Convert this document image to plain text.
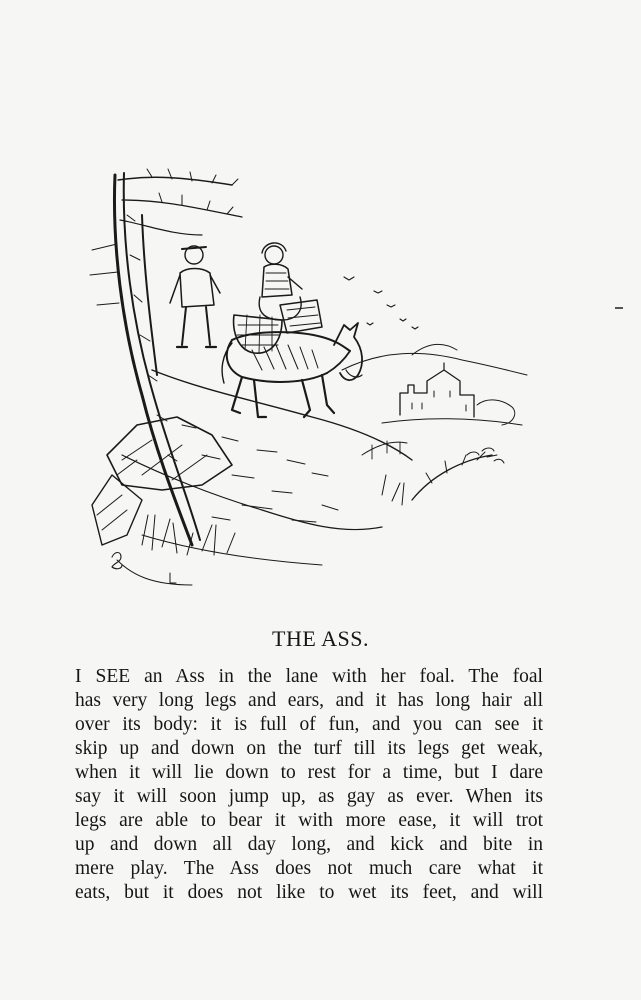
THE ASS.
I SEE an Ass in the lane with her foal. The foal
has very long legs and ears, and it has long hair all
over its body: it is full of fun, and you can see it
skip up and down on the turf till its legs get weak,
when it will lie down to rest for a time, but I dare
say it will soon jump up, as gay as ever. When its
legs are able to bear it with more ease, it will trot
up and down all day long, and kick and bite in
mere play. The Ass does not much care what it
eats, but it does not like to wet its feet, and will
